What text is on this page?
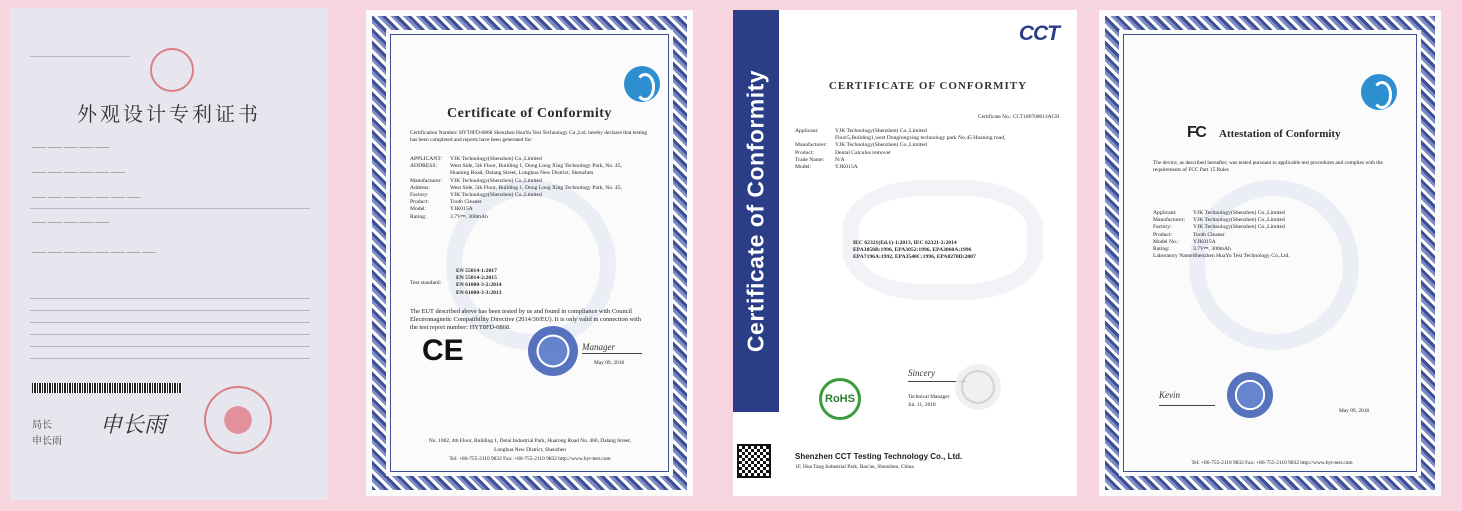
外观设计专利证书
—— —— —— —— ——
—— —— —— —— —— ——
—— —— —— —— —— —— ——
—— —— —— —— ——
—— —— —— —— —— —— —— ——
局长
申长雨
申长雨
Certificate of Conformity
Certification Number: HYT8FD-0868 Shenzhen HuaYu Test Technology Co.,Ltd. hereby declares that testing has been completed and reports have been generated for:
APPLICANT: YJK Technology(Shenzhen) Co.,Limited
ADDRESS: West Side, 5th Floor, Building 1, Dong Long Xing Technology Park, No. 45,
Huaning Road, Dalang Street, Longhua New District, Shenzhen
Manufacturer: YJK Technology(Shenzhen) Co.,Limited
Address:	West Side, 5th Floor, Building 1, Dong Long Xing Technology Park, No. 45,
Factory:	YJK Technology(Shenzhen) Co.,Limited
Product:	Tooth Cleaner
Model:	YJK015A
Rating:	3.7V⎓, 300mAh
Test standard:
EN 55014-1:2017
EN 55014-2:2015
EN 61000-3-2:2014
EN 61000-3-3:2013
The EUT described above has been tested by us and found in compliance with Council Electromagnetic Compatibility Directive (2014/30/EU). It is only valid in connection with the test report number: HYT8FD-0868.
CE	Manager
May 09, 2018
No. 1002, 4th Floor, Building 1, Detai Industrial Park, Huarong Road No. 460, Dalang Street,
Longhua New District, Shenzhen
Tel: +86-755-2110 9832 Fax: +86-755-2110 9832 http://www.hyt-test.com
Certificate of Conformity
CCT
CERTIFICATE OF CONFORMITY
Certificate No.: CCT180708013ACH
Applicant:	YJK Technology(Shenzhen) Co.,Limited
Floor5,Building1,west Donglongxing technology park No.45 Huaning road,
Manufacturer: YJK Technology(Shenzhen) Co.,Limited
Product:	Dental Calculus remover
Trade Name: N/A
Model:	YJK015A
IEC 62321(Ed.1)-1:2013, IEC 62321-2:2014
EPA3050B:1996, EPA3052:1996, EPA3060A:1996
EPA7196A:1992, EPA3540C:1996, EPA8270D:2007
RoHS
Sincery
Technical Manager
Jul. 11, 2018
Shenzhen CCT Testing Technology Co., Ltd.
1F, Hua Tang Industrial Park, Bao'an, Shenzhen, China
FC Attestation of Conformity
The device, as described hereafter, was tested pursuant to applicable test procedures and complies with the requirements of FCC Part 15 Rules
Applicant:	YJK Technology(Shenzhen) Co.,Limited
Manufacturer: YJK Technology(Shenzhen) Co.,Limited
Factory:	YJK Technology(Shenzhen) Co.,Limited
Product:	Tooth Cleaner
Model No.:	YJK015A
Rating:	3.7V⎓, 300mAh
Laboratory Name:Shenzhen HuaYu Test Technology Co.,Ltd.
Kevin
May 09, 2018
Tel: +86-755-2110 9832 Fax: +86-755-2110 9832 http://www.hyt-test.com
